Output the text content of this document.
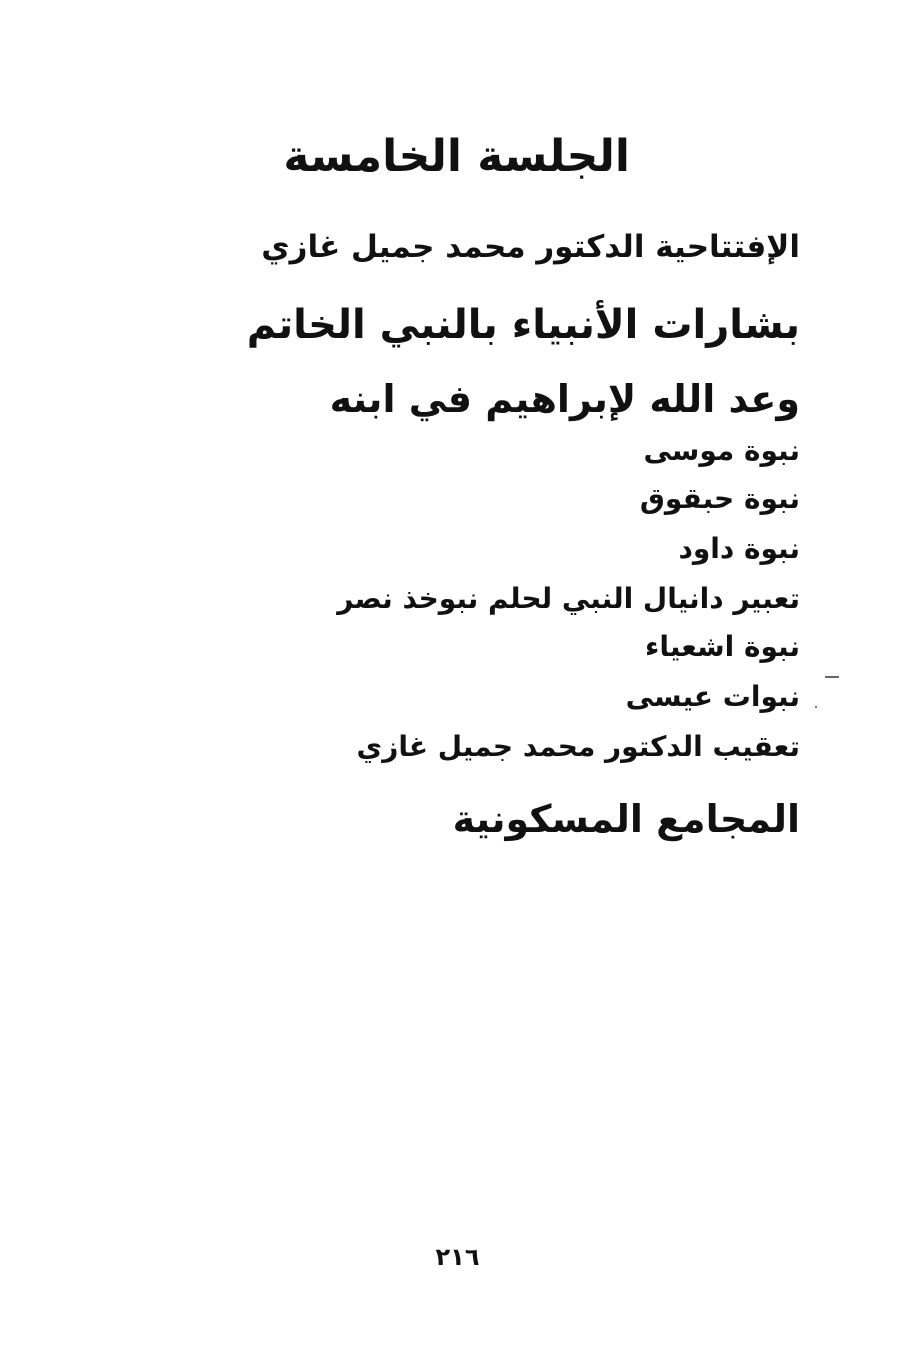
الجلسة الخامسة
الإفتتاحية الدكتور محمد جميل غازي
بشارات الأنبياء بالنبي الخاتم
وعد الله لإبراهيم في ابنه
نبوة موسى
نبوة حبقوق
نبوة داود
تعبير دانيال النبي لحلم نبوخذ نصر
نبوة اشعياء
نبوات عيسى
تعقيب الدكتور محمد جميل غازي
المجامع المسكونية
٢١٦
